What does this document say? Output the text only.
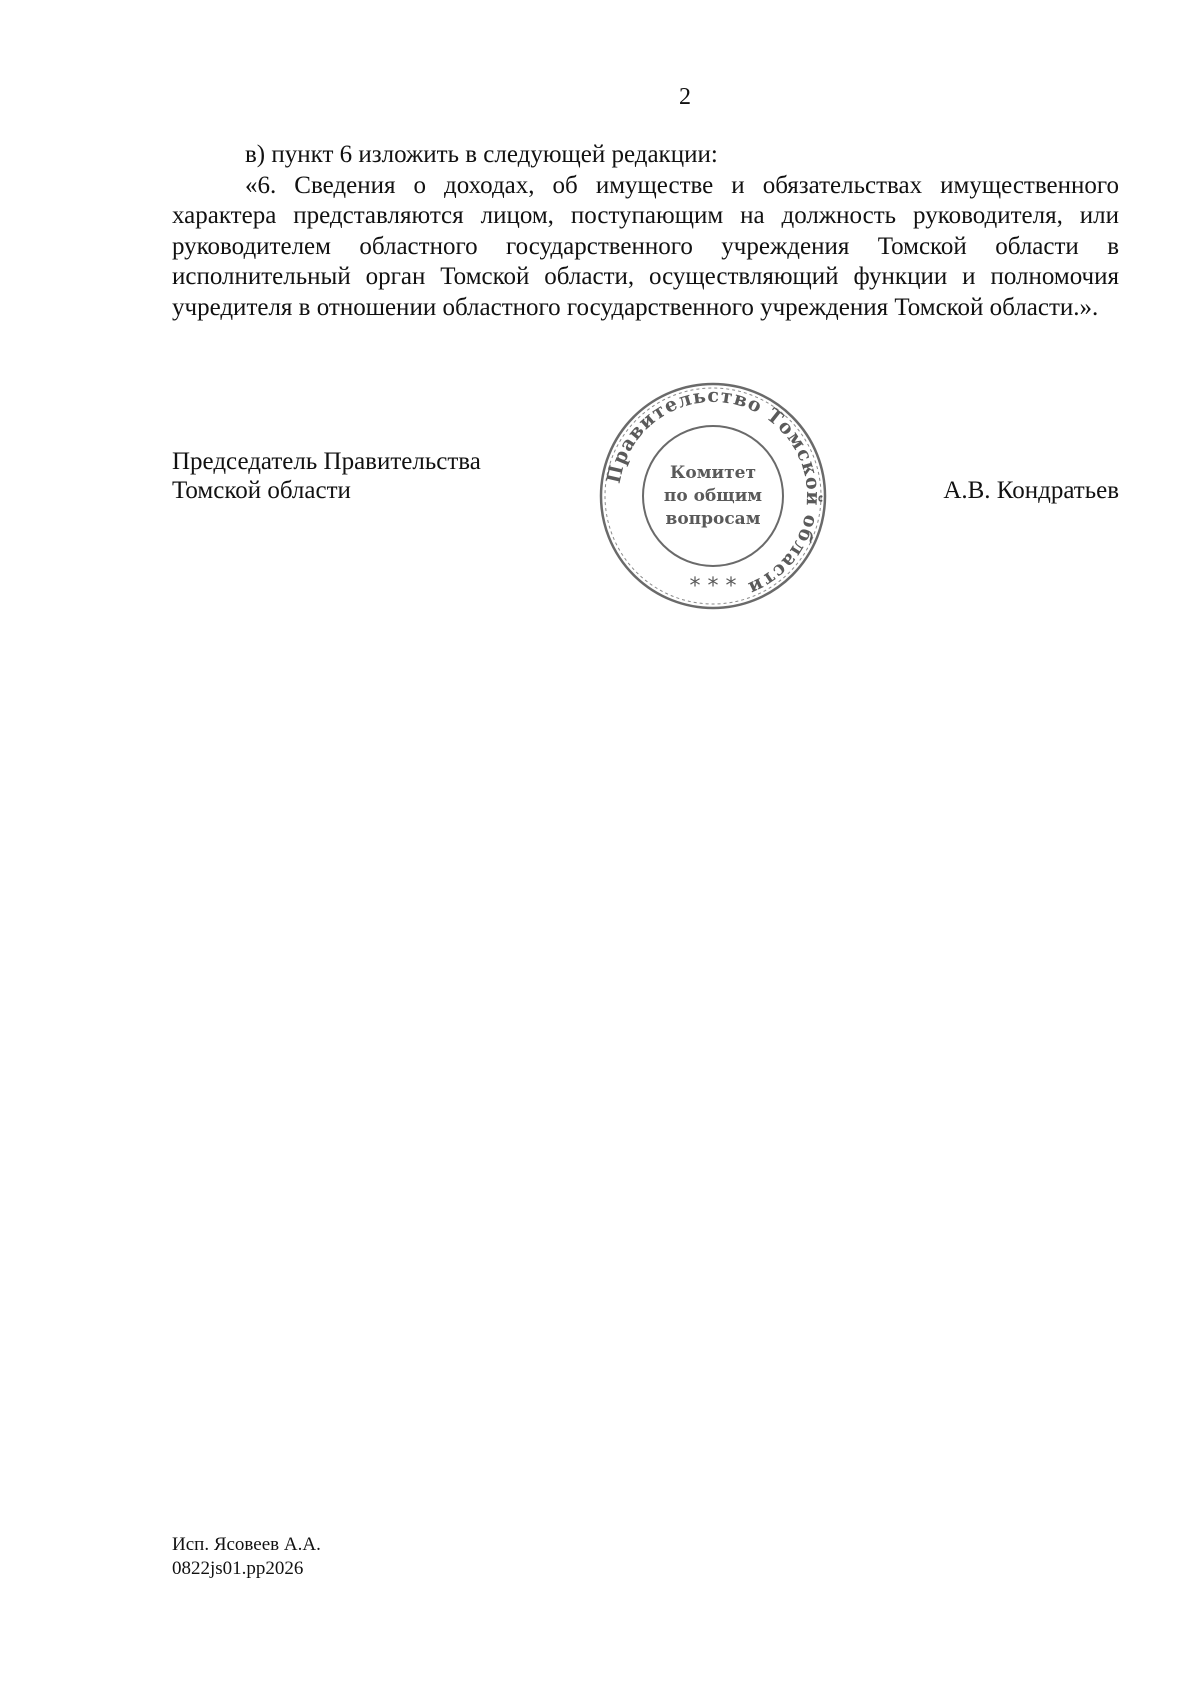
2

в) пункт 6 изложить в следующей редакции:

«6. Сведения о доходах, об имуществе и обязательствах имущественного характера представляются лицом, поступающим на должность руководителя, или руководителем областного государственного учреждения Томской области в исполнительный орган Томской области, осуществляющий функции и полномочия учредителя в отношении областного государственного учреждения Томской области.».

Председатель Правительства
Томской области
Правительство Томской области
Комитет
по общим
вопросам
* * *
А.В. Кондратьев
Исп. Ясовеев А.А.
0822js01.pp2026
